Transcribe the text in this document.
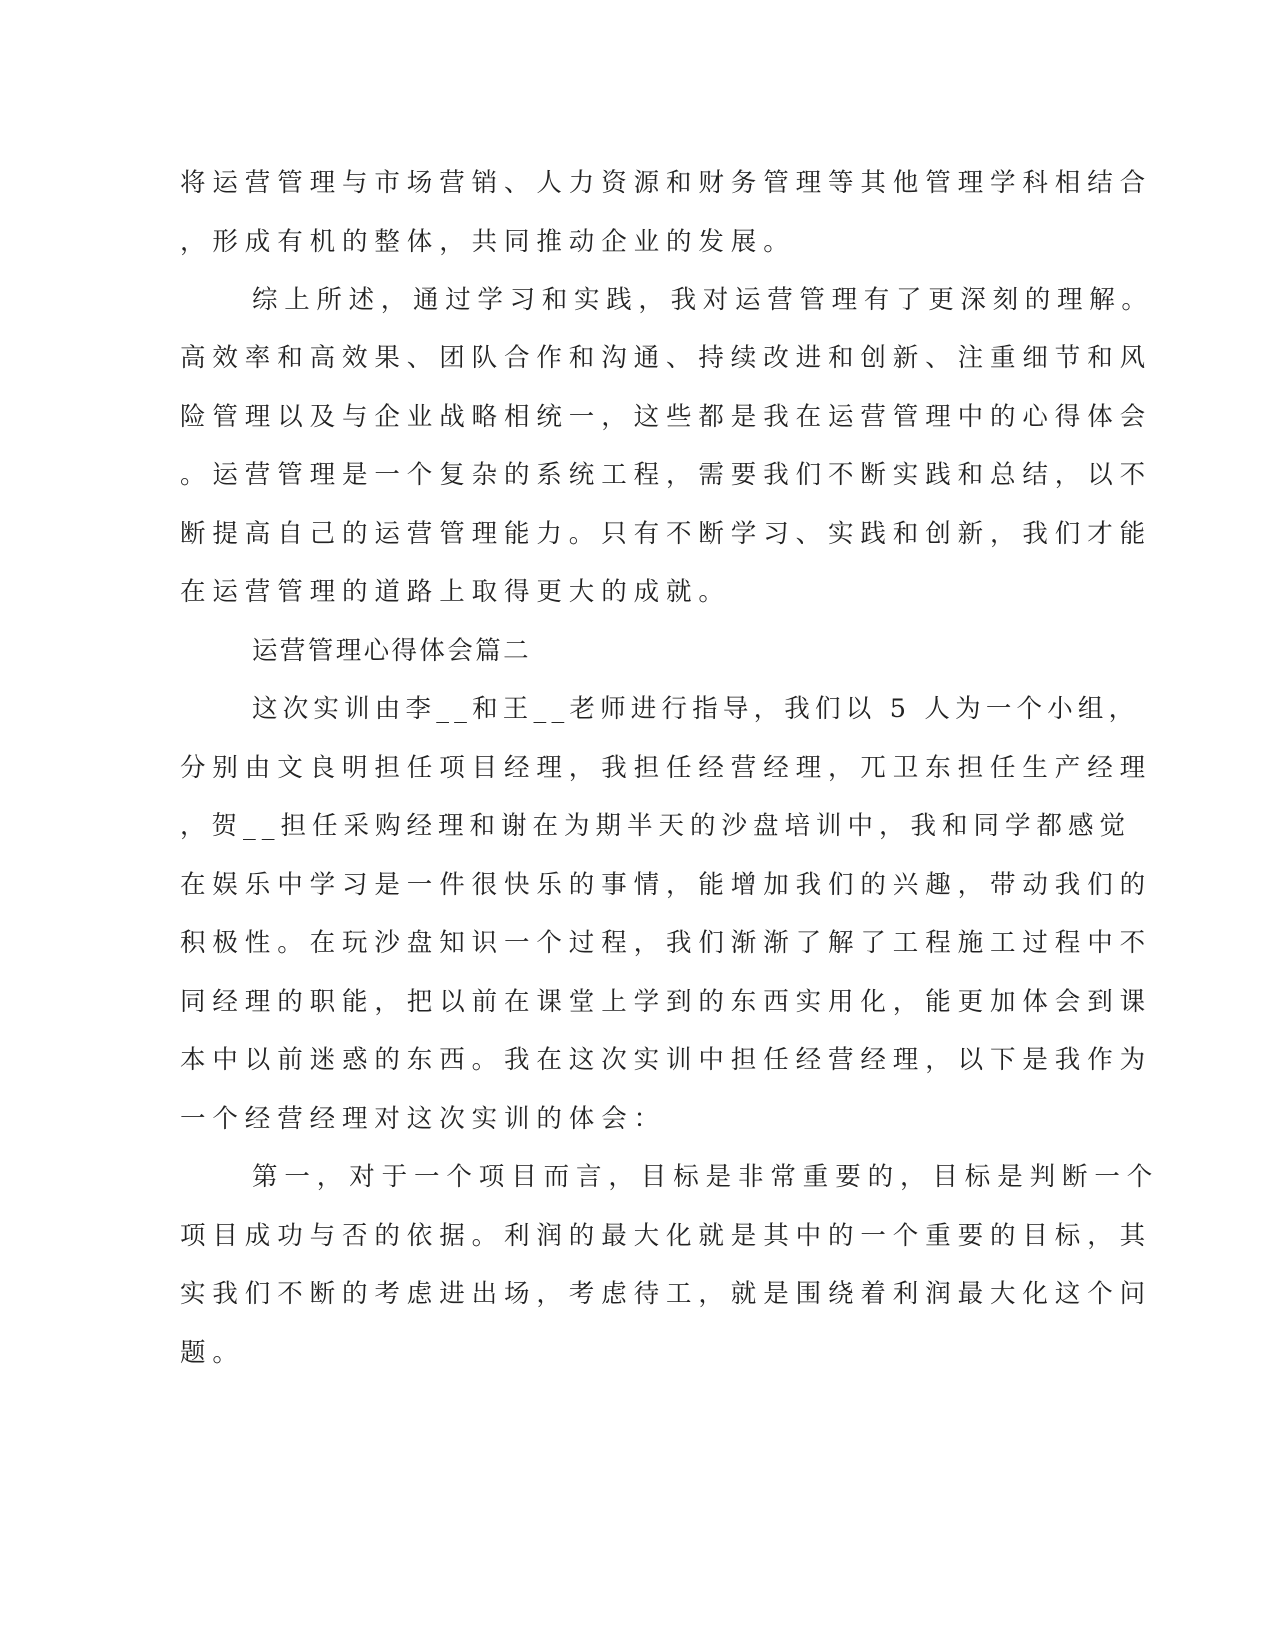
将运营管理与市场营销、人力资源和财务管理等其他管理学科相结合
，形成有机的整体，共同推动企业的发展。
综上所述，通过学习和实践，我对运营管理有了更深刻的理解。
高效率和高效果、团队合作和沟通、持续改进和创新、注重细节和风
险管理以及与企业战略相统一，这些都是我在运营管理中的心得体会
。运营管理是一个复杂的系统工程，需要我们不断实践和总结，以不
断提高自己的运营管理能力。只有不断学习、实践和创新，我们才能
在运营管理的道路上取得更大的成就。
运营管理心得体会篇二
这次实训由李__和王__老师进行指导，我们以 5 人为一个小组，
分别由文良明担任项目经理，我担任经营经理，兀卫东担任生产经理
，贺__担任采购经理和谢在为期半天的沙盘培训中，我和同学都感觉
在娱乐中学习是一件很快乐的事情，能增加我们的兴趣，带动我们的
积极性。在玩沙盘知识一个过程，我们渐渐了解了工程施工过程中不
同经理的职能，把以前在课堂上学到的东西实用化，能更加体会到课
本中以前迷惑的东西。我在这次实训中担任经营经理，以下是我作为
一个经营经理对这次实训的体会：
第一，对于一个项目而言，目标是非常重要的，目标是判断一个
项目成功与否的依据。利润的最大化就是其中的一个重要的目标，其
实我们不断的考虑进出场，考虑待工，就是围绕着利润最大化这个问
题。
